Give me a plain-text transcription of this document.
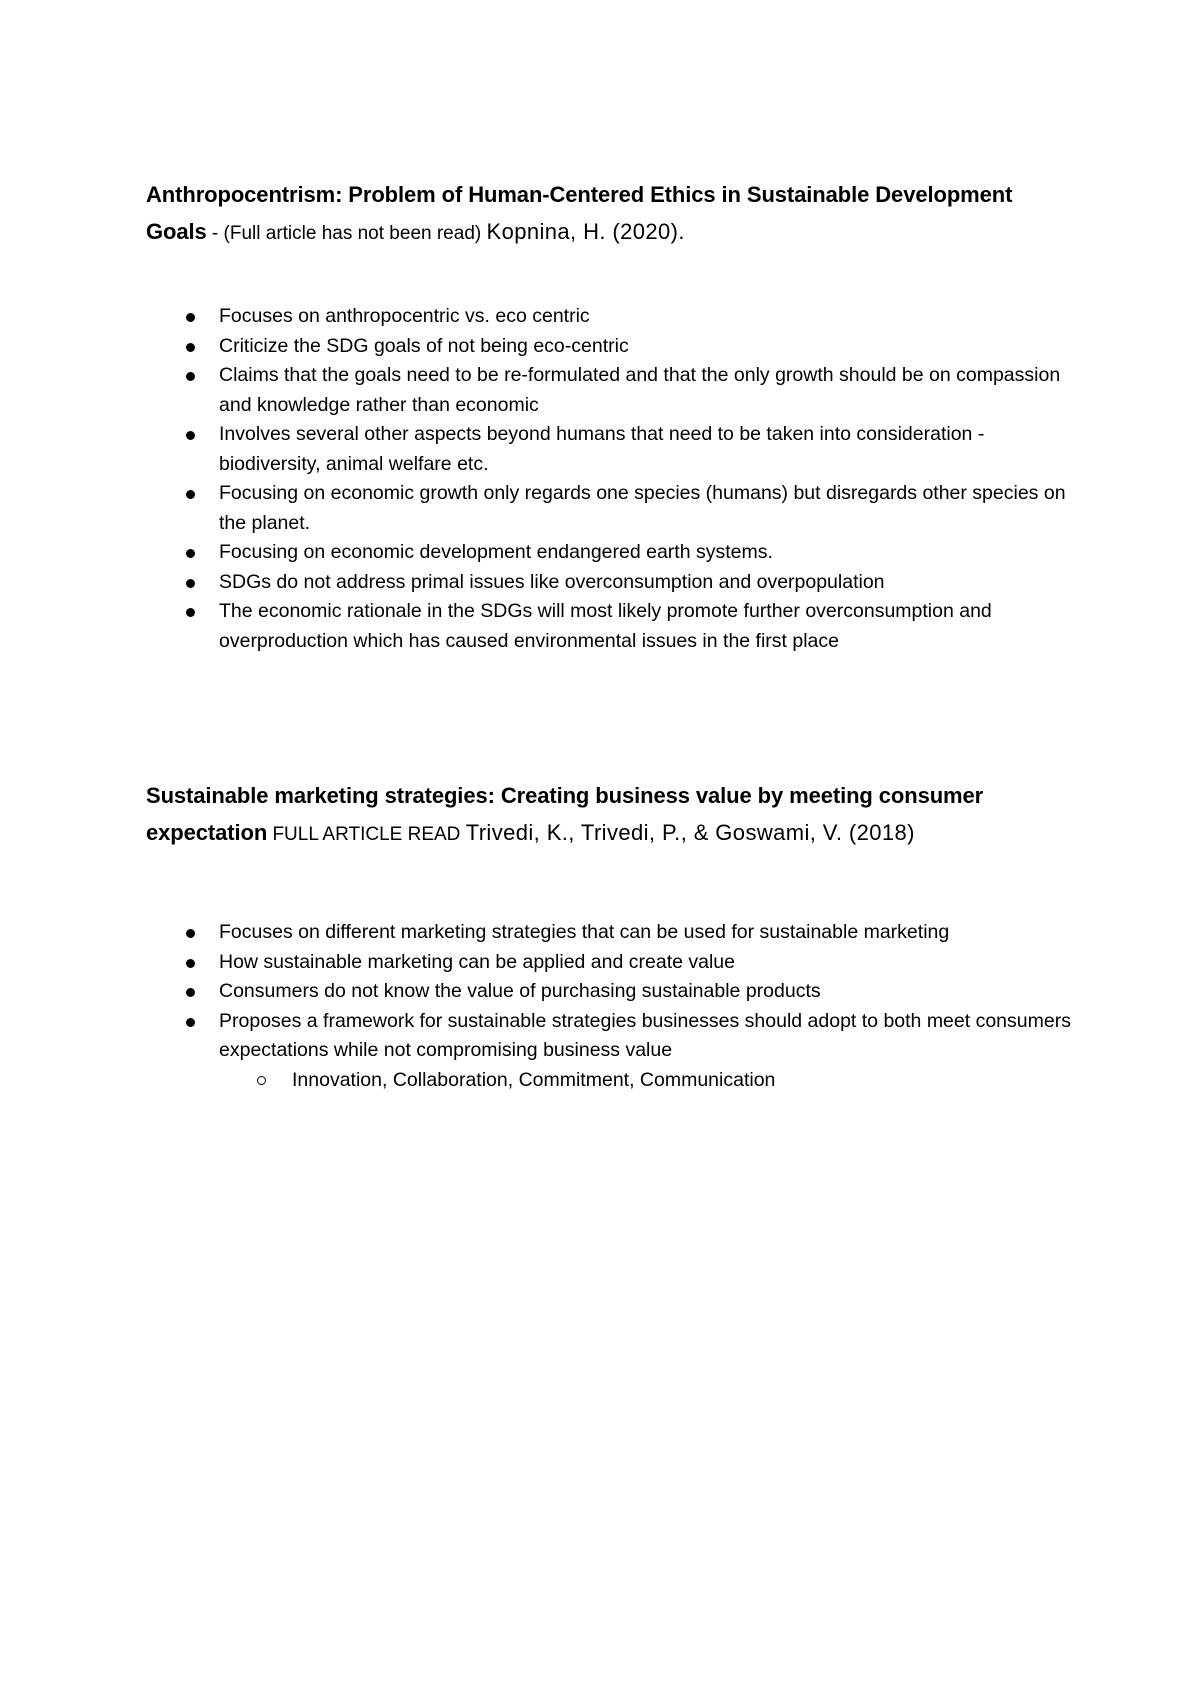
Anthropocentrism: Problem of Human-Centered Ethics in Sustainable Development Goals - (Full article has not been read) Kopnina, H. (2020).

Focuses on anthropocentric vs. eco centric
Criticize the SDG goals of not being eco-centric
Claims that the goals need to be re-formulated and that the only growth should be on compassion and knowledge rather than economic
Involves several other aspects beyond humans that need to be taken into consideration - biodiversity, animal welfare etc.
Focusing on economic growth only regards one species (humans) but disregards other species on the planet.
Focusing on economic development endangered earth systems.
SDGs do not address primal issues like overconsumption and overpopulation
The economic rationale in the SDGs will most likely promote further overconsumption and overproduction which has caused environmental issues in the first place

Sustainable marketing strategies: Creating business value by meeting consumer expectation FULL ARTICLE READ Trivedi, K., Trivedi, P., & Goswami, V. (2018)

Focuses on different marketing strategies that can be used for sustainable marketing
How sustainable marketing can be applied and create value
Consumers do not know the value of purchasing sustainable products
Proposes a framework for sustainable strategies businesses should adopt to both meet consumers expectations while not compromising business value
Innovation, Collaboration, Commitment, Communication
